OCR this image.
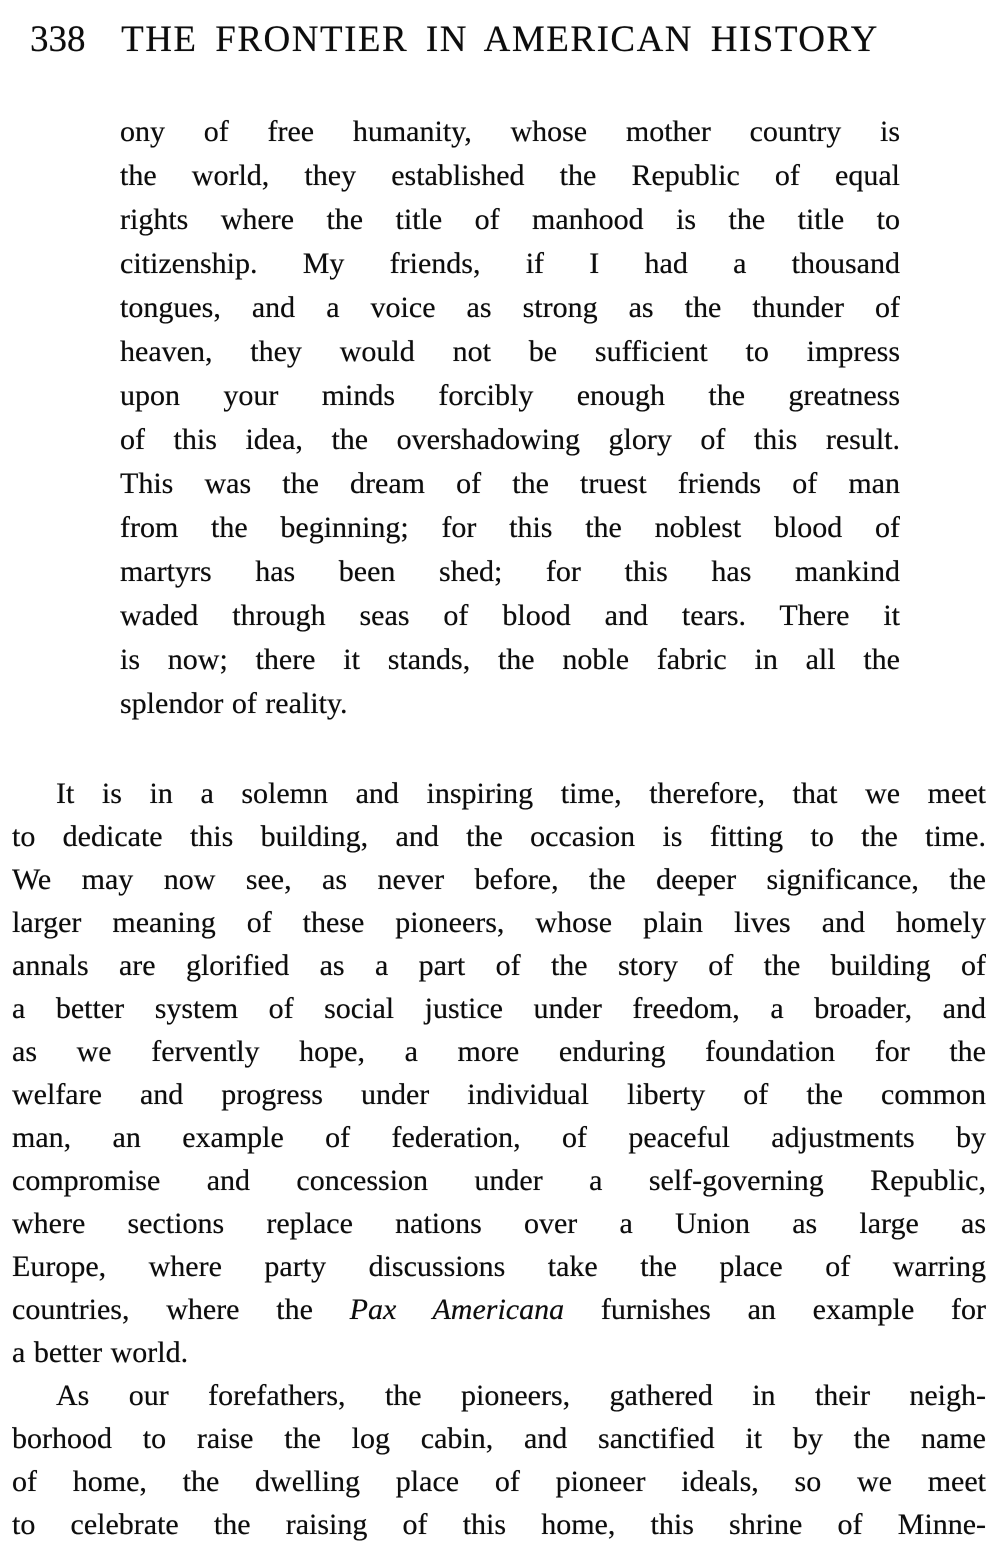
338 THE FRONTIER IN AMERICAN HISTORY
ony of free humanity, whose mother country is
the world, they established the Republic of equal
rights where the title of manhood is the title to
citizenship. My friends, if I had a thousand
tongues, and a voice as strong as the thunder of
heaven, they would not be sufficient to impress
upon your minds forcibly enough the greatness
of this idea, the overshadowing glory of this result.
This was the dream of the truest friends of man
from the beginning; for this the noblest blood of
martyrs has been shed; for this has mankind
waded through seas of blood and tears. There it
is now; there it stands, the noble fabric in all the
splendor of reality.
It is in a solemn and inspiring time, therefore, that we meet
to dedicate this building, and the occasion is fitting to the time.
We may now see, as never before, the deeper significance, the
larger meaning of these pioneers, whose plain lives and homely
annals are glorified as a part of the story of the building of
a better system of social justice under freedom, a broader, and
as we fervently hope, a more enduring foundation for the
welfare and progress under individual liberty of the common
man, an example of federation, of peaceful adjustments by
compromise and concession under a self-governing Republic,
where sections replace nations over a Union as large as
Europe, where party discussions take the place of warring
countries, where the Pax Americana furnishes an example for
a better world.
As our forefathers, the pioneers, gathered in their neigh-
borhood to raise the log cabin, and sanctified it by the name
of home, the dwelling place of pioneer ideals, so we meet
to celebrate the raising of this home, this shrine of Minne-
